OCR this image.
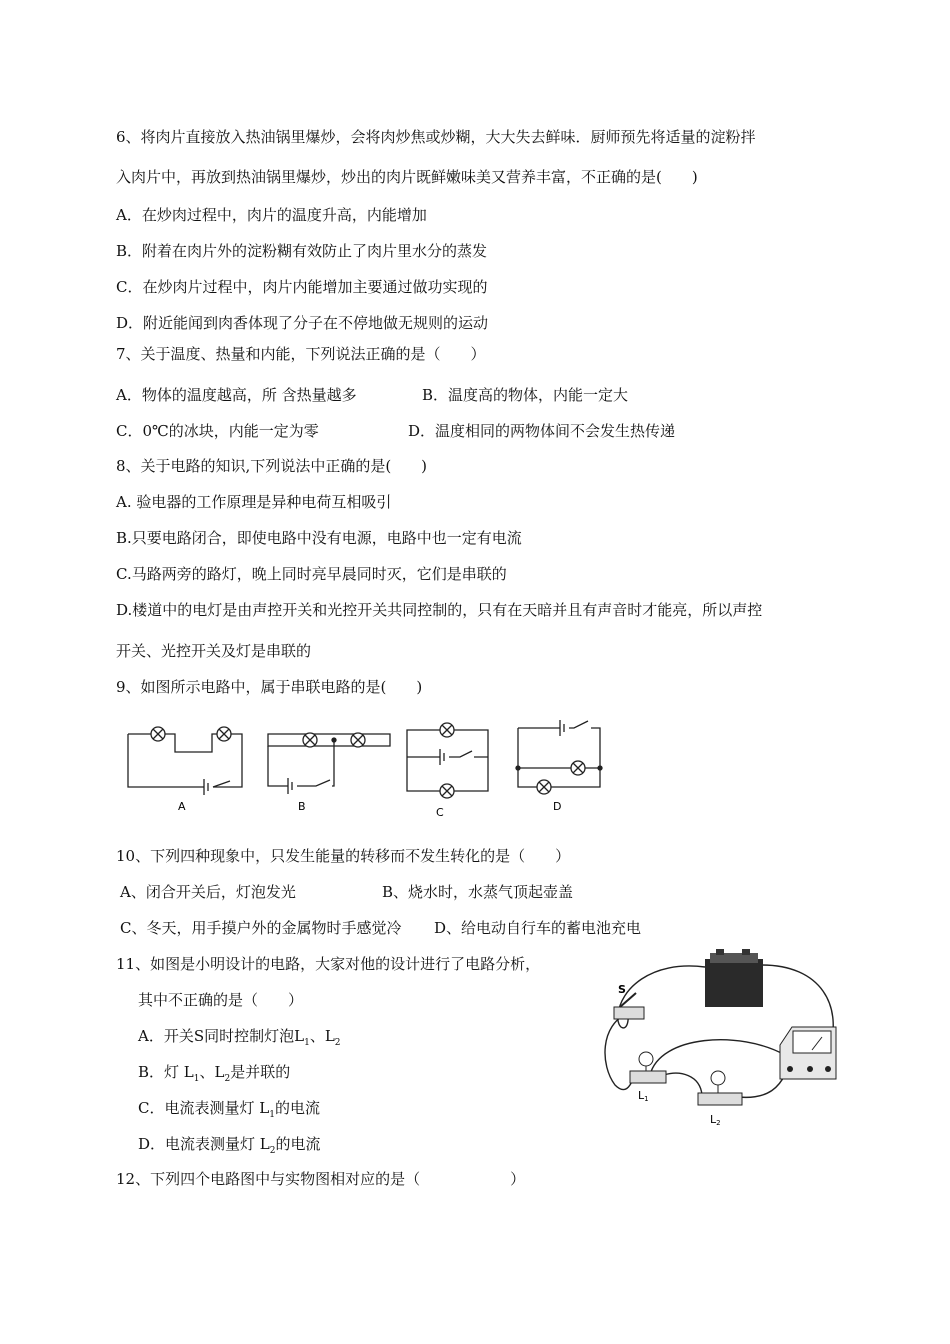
6、将肉片直接放入热油锅里爆炒，会将肉炒焦或炒糊，大大失去鲜味．厨师预先将适量的淀粉拌
入肉片中，再放到热油锅里爆炒，炒出的肉片既鲜嫩味美又营养丰富，不正确的是(　　)
A．在炒肉过程中，肉片的温度升高，内能增加
B．附着在肉片外的淀粉糊有效防止了肉片里水分的蒸发
C．在炒肉片过程中，肉片内能增加主要通过做功实现的
D．附近能闻到肉香体现了分子在不停地做无规则的运动
7、关于温度、热量和内能，下列说法正确的是（　　）
A．物体的温度越高，所 含热量越多	B．温度高的物体，内能一定大
C．0℃的冰块，内能一定为零	D．温度相同的两物体间不会发生热传递
8、关于电路的知识,下列说法中正确的是(　　)
A. 验电器的工作原理是异种电荷互相吸引
B.只要电路闭合，即使电路中没有电源，电路中也一定有电流
C.马路两旁的路灯，晚上同时亮早晨同时灭，它们是串联的
D.楼道中的电灯是由声控开关和光控开关共同控制的，只有在天暗并且有声音时才能亮，所以声控
开关、光控开关及灯是串联的
9、如图所示电路中，属于串联电路的是(　　)
A	B	C	D
10、下列四种现象中，只发生能量的转移而不发生转化的是（　　）
A、闭合开关后，灯泡发光	B、烧水时，水蒸气顶起壶盖
C、冬天，用手摸户外的金属物时手感觉冷 D、给电动自行车的蓄电池充电
11、如图是小明设计的电路，大家对他的设计进行了电路分析，
其中不正确的是（　　）
A．开关S同时控制灯泡$L_1$、$L_2$
B．灯 $L_1$、$L_2$是并联的
C．电流表测量灯 $L_1$的电流
D．电流表测量灯 $L_2$的电流
S
L1
L2
12、下列四个电路图中与实物图相对应的是（　　　　　　）
